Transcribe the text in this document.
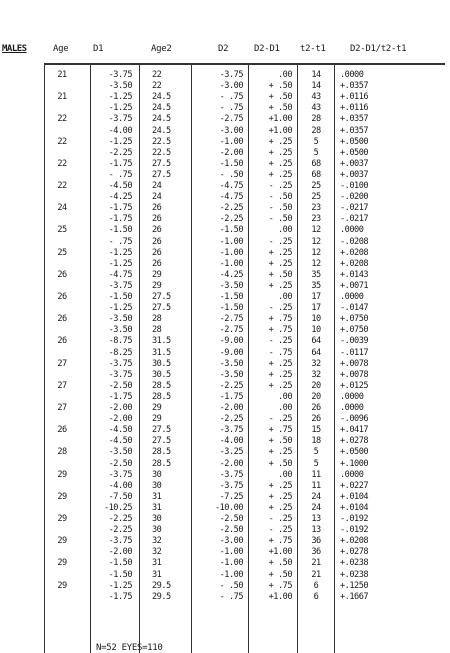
MALES	Age	D1	Age2	D2	D2-D1 t2-t1	D2-D1/t2-t1
21	-3.75 22	-3.75	.00	14	.0000
-3.50 22	-3.00	+ .50	14	+.0357
21	-1.25 24.5	- .75	+ .50	43	+.0116
-1.25 24.5	- .75	+ .50	43	+.0116
22	-3.75 24.5	-2.75	+1.00	28	+.0357
-4.00 24.5	-3.00	+1.00	28	+.0357
22	-1.25 22.5	-1.00	+ .25	5	+.0500
-2.25 22.5	-2.00	+ .25	5	+.0500
22	-1.75 27.5	-1.50	+ .25	68	+.0037
- .75 27.5	- .50	+ .25	68	+.0037
22	-4.50 24	-4.75	- .25	25	-.0100
-4.25 24	-4.75	- .50	25	-.0200
24	-1.75 26	-2.25	- .50	23	-.0217
-1.75 26	-2.25	- .50	23	-.0217
25	-1.50 26	-1.50	.00	12	.0000
- .75 26	-1.00	- .25	12	-.0208
25	-1.25 26	-1.00	+ .25	12	+.0208
-1.25 26	-1.00	+ .25	12	+.0208
26	-4.75 29	-4.25	+ .50	35	+.0143
-3.75 29	-3.50	+ .25	35	+.0071
26	-1.50 27.5	-1.50	.00	17	.0000
-1.25 27.5	-1.50	- .25	17	-.0147
26	-3.50 28	-2.75	+ .75	10	+.0750
-3.50 28	-2.75	+ .75	10	+.0750
26	-8.75 31.5	-9.00	- .25	64	-.0039
-8.25 31.5	-9.00	- .75	64	-.0117
27	-3.75 30.5	-3.50	+ .25	32	+.0078
-3.75 30.5	-3.50	+ .25	32	+.0078
27	-2.50 28.5	-2.25	+ .25	20	+.0125
-1.75 28.5	-1.75	.00	20	.0000
27	-2.00 29	-2.00	.00	26	.0000
-2.00 29	-2.25	- .25	26	-.0096
26	-4.50 27.5	-3.75	+ .75	15	+.0417
-4.50 27.5	-4.00	+ .50	18	+.0278
28	-3.50 28.5	-3.25	+ .25	5	+.0500
-2.50 28.5	-2.00	+ .50	5	+.1000
29	-3.75 30	-3.75	.00	11	.0000
-4.00 30	-3.75	+ .25	11	+.0227
29	-7.50 31	-7.25	+ .25	24	+.0104
-10.25 31	-10.00	+ .25	24	+.0104
29	-2.25 30	-2.50	- .25	13	-.0192
-2.25 30	-2.50	- .25	13	-.0192
29	-3.75 32	-3.00	+ .75	36	+.0208
-2.00 32	-1.00	+1.00	36	+.0278
29	-1.50 31	-1.00	+ .50	21	+.0238
-1.50 31	-1.00	+ .50	21	+.0238
29	-1.25 29.5	- .50	+ .75	6	+.1250
-1.75 29.5	- .75	+1.00	6	+.1667
N=52 EYES=110
